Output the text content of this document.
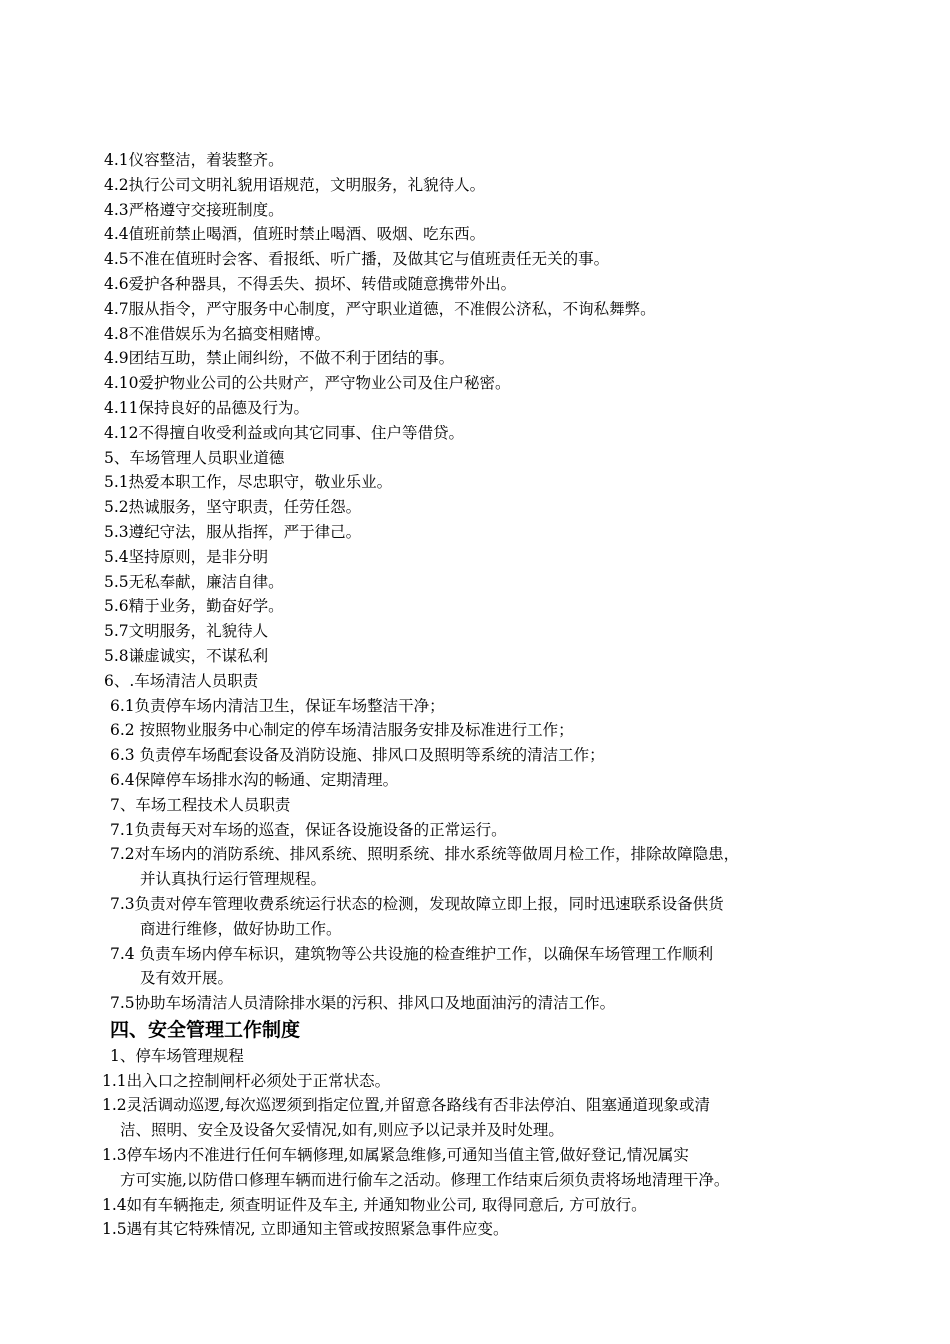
4.1仪容整洁，着装整齐。
4.2执行公司文明礼貌用语规范，文明服务，礼貌待人。
4.3严格遵守交接班制度。
4.4值班前禁止喝酒，值班时禁止喝酒、吸烟、吃东西。
4.5不准在值班时会客、看报纸、听广播，及做其它与值班责任无关的事。
4.6爱护各种器具，不得丢失、损坏、转借或随意携带外出。
4.7服从指令，严守服务中心制度，严守职业道德，不准假公济私，不询私舞弊。
4.8不准借娱乐为名搞变相赌博。
4.9团结互助，禁止闹纠纷，不做不利于团结的事。
4.10爱护物业公司的公共财产，严守物业公司及住户秘密。
4.11保持良好的品德及行为。
4.12不得擅自收受利益或向其它同事、住户等借贷。
5、车场管理人员职业道德
5.1热爱本职工作，尽忠职守，敬业乐业。
5.2热诚服务，坚守职责，任劳任怨。
5.3遵纪守法，服从指挥，严于律己。
5.4坚持原则，是非分明
5.5无私奉献，廉洁自律。
5.6精于业务，勤奋好学。
5.7文明服务，礼貌待人
5.8谦虚诚实，不谋私利
6、.车场清洁人员职责
6.1负责停车场内清洁卫生，保证车场整洁干净；
6.2 按照物业服务中心制定的停车场清洁服务安排及标准进行工作；
6.3 负责停车场配套设备及消防设施、排风口及照明等系统的清洁工作；
6.4保障停车场排水沟的畅通、定期清理。
7、车场工程技术人员职责
7.1负责每天对车场的巡查，保证各设施设备的正常运行。
7.2对车场内的消防系统、排风系统、照明系统、排水系统等做周月检工作，排除故障隐患，
并认真执行运行管理规程。
7.3负责对停车管理收费系统运行状态的检测，发现故障立即上报，同时迅速联系设备供货
商进行维修，做好协助工作。
7.4 负责车场内停车标识，建筑物等公共设施的检查维护工作，以确保车场管理工作顺利
及有效开展。
7.5协助车场清洁人员清除排水渠的污积、排风口及地面油污的清洁工作。
四、安全管理工作制度
1、停车场管理规程
1.1出入口之控制闸杆必须处于正常状态。
1.2灵活调动巡逻,每次巡逻须到指定位置,并留意各路线有否非法停泊、阻塞通道现象或清
洁、照明、安全及设备欠妥情况,如有,则应予以记录并及时处理。
1.3停车场内不准进行任何车辆修理,如属紧急维修,可通知当值主管,做好登记,情况属实
方可实施,以防借口修理车辆而进行偷车之活动。修理工作结束后须负责将场地清理干净。
1.4如有车辆拖走, 须查明证件及车主, 并通知物业公司, 取得同意后, 方可放行。
1.5遇有其它特殊情况, 立即通知主管或按照紧急事件应变。
